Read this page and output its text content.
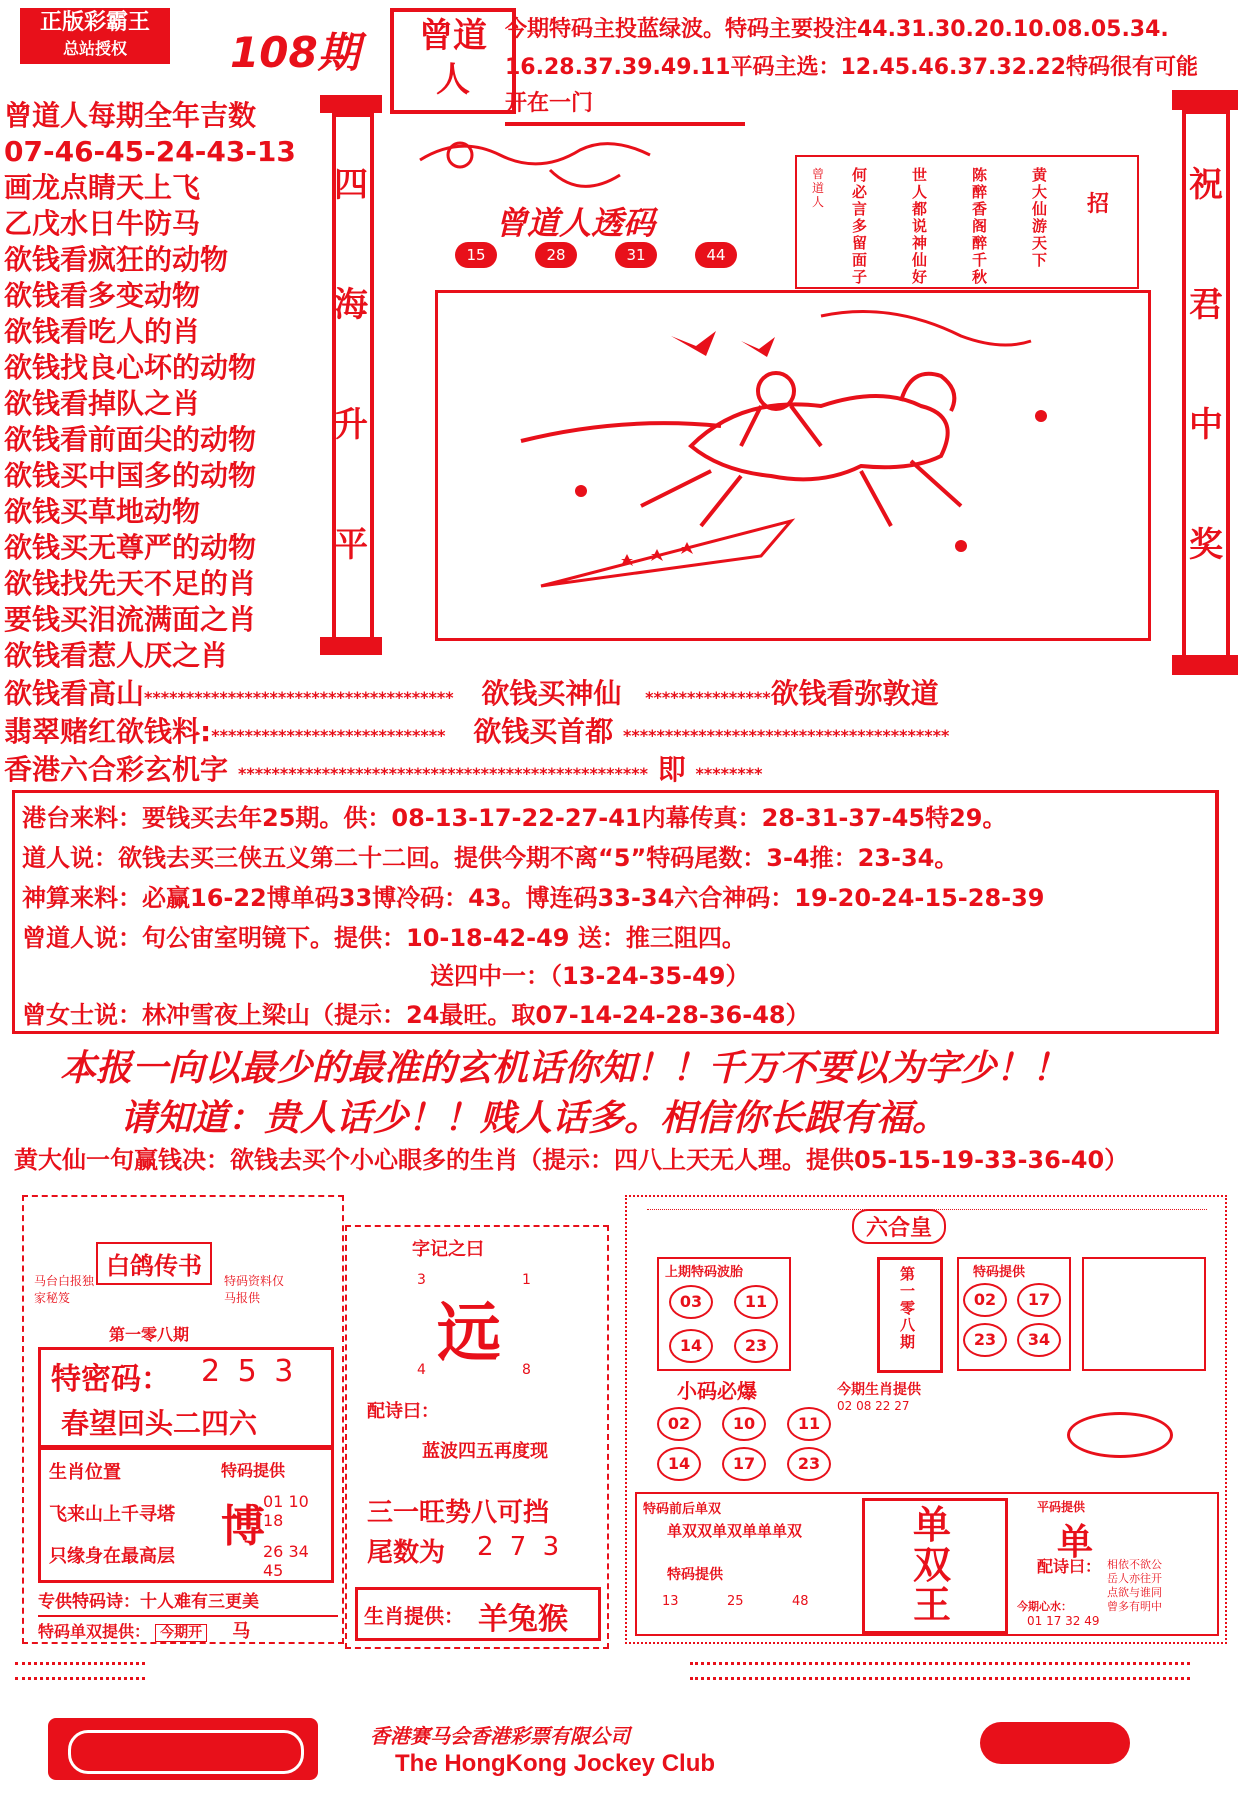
正版彩霸王
总站授权	108期	曾道
人
今期特码主投蓝绿波。特码主要投注44.31.30.20.10.08.05.34.
16.28.37.39.49.11平码主选：12.45.46.37.32.22特码很有可能
开在一门
曾道人每期全年吉数
07-46-45-24-43-13
画龙点睛天上飞
乙戊水日牛防马
欲钱看疯狂的动物
欲钱看多变动物
欲钱看吃人的肖
欲钱找良心坏的动物
欲钱看掉队之肖
欲钱看前面尖的动物
欲钱买中国多的动物
欲钱买草地动物
欲钱买无尊严的动物
欲钱找先天不足的肖
要钱买泪流满面之肖
欲钱看惹人厌之肖
四
海
升
平
祝
君
中
奖
曾道人透码
15	28	31	44
招
曾道人
何必言多留面子
世人都说神仙好
陈醉香阁醉千秋
黄大仙游天下
欲钱看高山************************************* 欲钱买神仙 ***************欲钱看弥敦道
翡翠赌红欲钱料:**************************** 欲钱买首都 ***************************************
香港六合彩玄机字 ************************************************* 即 ********
港台来料：要钱买去年25期。供：08-13-17-22-27-41内幕传真：28-31-37-45特29。
道人说：欲钱去买三侠五义第二十二回。提供今期不离“5”特码尾数：3-4推：23-34。
神算来料：必赢16-22博单码33博冷码：43。博连码33-34六合神码：19-20-24-15-28-39
曾道人说：句公宙室明镜下。提供：10-18-42-49 送：推三阻四。
送四中一：（13-24-35-49）
曾女士说：林冲雪夜上梁山（提示：24最旺。取07-14-24-28-36-48）
本报一向以最少的最准的玄机话你知！！千万不要以为字少！！
请知道：贵人话少！！贱人话多。相信你长跟有福。
黄大仙一句赢钱决：欲钱去买个小心眼多的生肖（提示：四八上天无人理。提供05-15-19-33-36-40）
白鸽传书
马台白报独家秘笈
特码资料仅马报供
第一零八期
特密码： 2 5 3
春望回头二四六
生肖位置
飞来山上千寻塔
只缘身在最高层
特码提供
博
01 10 18
26 34 45
专供特码诗：十人难有三更美
特码单双提供： 今期开 马
字记之曰
3	1
远
4	8
配诗曰：
蓝波四五再度现
三一旺势八可挡
尾数为 2 7 3
生肖提供： 羊兔猴
六合皇
上期特码波胎
03	11
14	23
第一零八期
特码提供
02	17
23	34
小码必爆	今期生肖提供
02 08 22 27
02	10	11
14	17	23
特码前后单双
单双双单双单单单双
特码提供
13	25	48
单双王
平码提供
单
配诗曰： 相依不欲公
岳人亦往开
点欲与谁同
曾多有明中
今期心水：
01 17 32 49
香港赛马会香港彩票有限公司
The HongKong Jockey Club
